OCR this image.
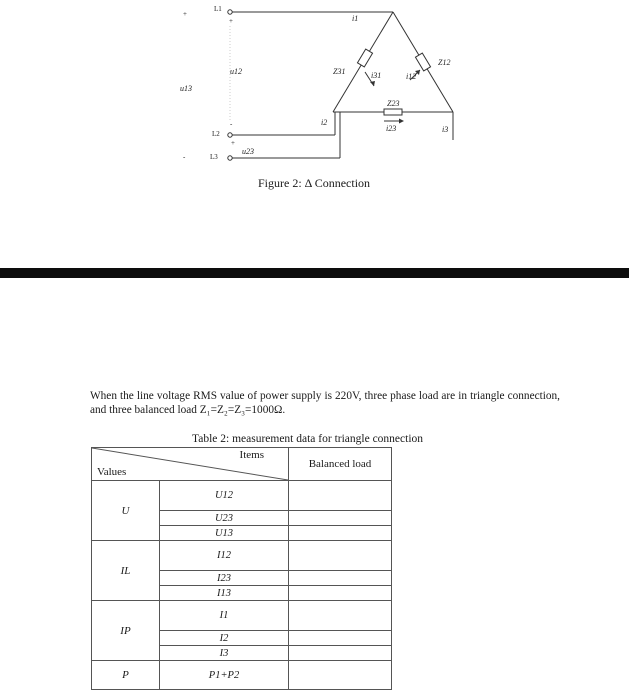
L1
L2
L3
+
+
-
+
-
u12
u13
u23
i1
i2
i3
i31	i12
i23
Z31
Z12
Z23
Figure 2: Δ Connection

When the line voltage RMS value of power supply is 220V, three phase load are in triangle connection, and three balanced load Z₁=Z₂=Z₃=1000Ω.

Table 2: measurement data for triangle connection
Items
Values		Balanced load
U	U12	
	U23	
	U13	
IL	I12	
	I23	
	I13	
IP	I1	
	I2	
	I3	
P	P1+P2	
